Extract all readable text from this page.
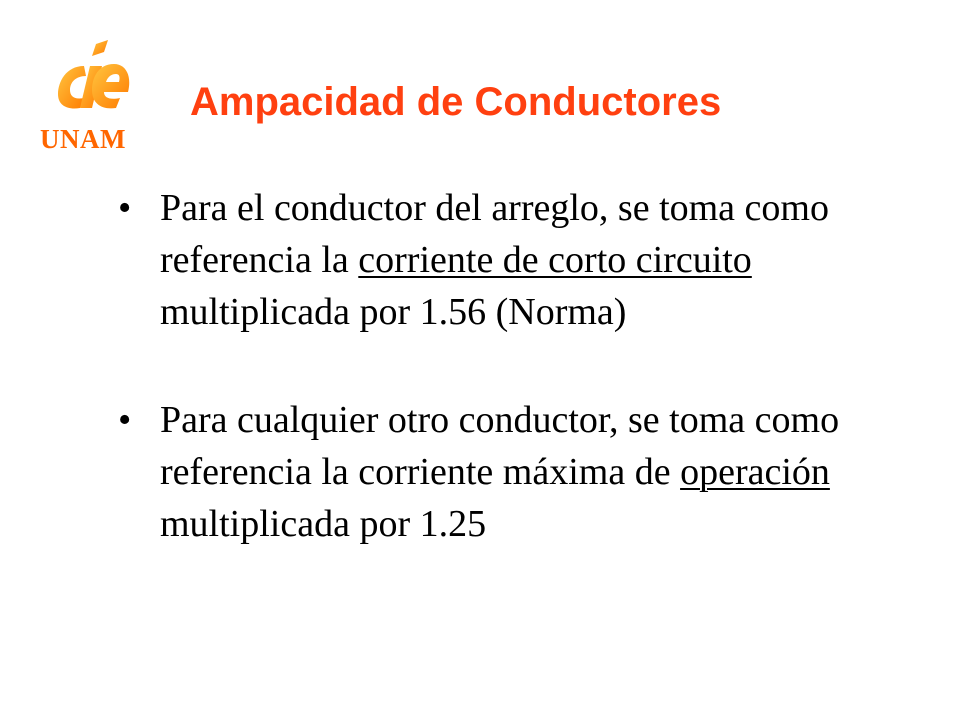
UNAM
Ampacidad de Conductores
• Para el conductor del arreglo, se toma como referencia la corriente de corto circuito multiplicada por 1.56 (Norma)
• Para cualquier otro conductor, se toma como referencia la corriente máxima de operación multiplicada por 1.25
